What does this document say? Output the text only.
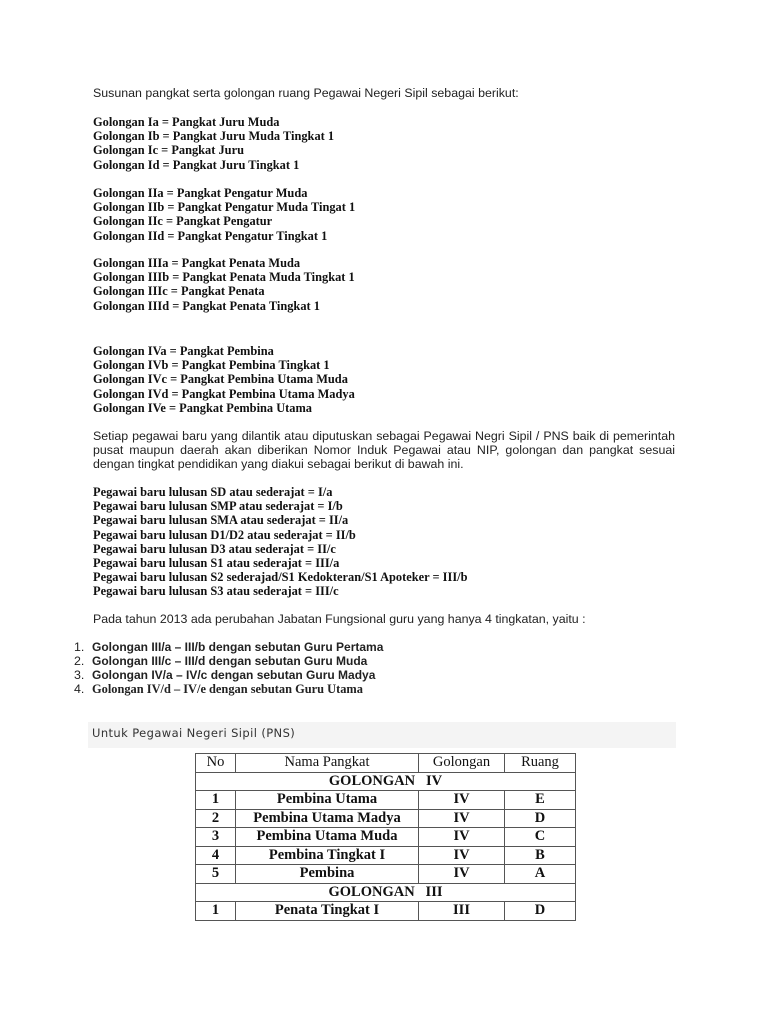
Susunan pangkat serta golongan ruang Pegawai Negeri Sipil sebagai berikut:
Golongan Ia = Pangkat Juru Muda
Golongan Ib = Pangkat Juru Muda Tingkat 1
Golongan Ic = Pangkat Juru
Golongan Id = Pangkat Juru Tingkat 1
Golongan IIa = Pangkat Pengatur Muda
Golongan IIb = Pangkat Pengatur Muda Tingat 1
Golongan IIc = Pangkat Pengatur
Golongan IId = Pangkat Pengatur Tingkat 1
Golongan IIIa = Pangkat Penata Muda
Golongan IIIb = Pangkat Penata Muda Tingkat 1
Golongan IIIc = Pangkat Penata
Golongan IIId = Pangkat Penata Tingkat 1
Golongan IVa = Pangkat Pembina
Golongan IVb = Pangkat Pembina Tingkat 1
Golongan IVc = Pangkat Pembina Utama Muda
Golongan IVd = Pangkat Pembina Utama Madya
Golongan IVe = Pangkat Pembina Utama
Setiap pegawai baru yang dilantik atau diputuskan sebagai Pegawai Negri Sipil / PNS baik di pemerintah pusat maupun daerah akan diberikan Nomor Induk Pegawai atau NIP, golongan dan pangkat sesuai dengan tingkat pendidikan yang diakui sebagai berikut di bawah ini.
Pegawai baru lulusan SD atau sederajat = I/a
Pegawai baru lulusan SMP atau sederajat = I/b
Pegawai baru lulusan SMA atau sederajat = II/a
Pegawai baru lulusan D1/D2 atau sederajat = II/b
Pegawai baru lulusan D3 atau sederajat = II/c
Pegawai baru lulusan S1 atau sederajat = III/a
Pegawai baru lulusan S2 sederajad/S1 Kedokteran/S1 Apoteker = III/b
Pegawai baru lulusan S3 atau sederajat = III/c
Pada tahun 2013 ada perubahan Jabatan Fungsional guru yang hanya 4 tingkatan, yaitu :
1. Golongan III/a – III/b dengan sebutan Guru Pertama
2. Golongan III/c – III/d dengan sebutan Guru Muda
3. Golongan IV/a – IV/c dengan sebutan Guru Madya
4. Golongan IV/d – IV/e dengan sebutan Guru Utama
Untuk Pegawai Negeri Sipil (PNS)
No	Nama Pangkat	Golongan	Ruang
GOLONGAN   IV			
1	Pembina Utama	IV	E
2	Pembina Utama Madya	IV	D
3	Pembina Utama Muda	IV	C
4	Pembina Tingkat I	IV	B
5	Pembina	IV	A
GOLONGAN   III			
1	Penata Tingkat I	III	D
